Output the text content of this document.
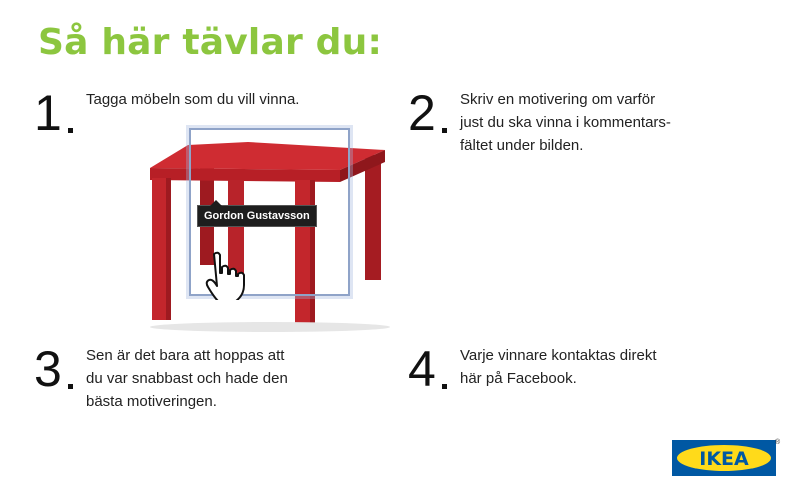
Så här tävlar du:
1 Tagga möbeln som du vill vinna. 2 Skriv en motivering om varför
just du ska vinna i kommentars-
fältet under bilden.

3 Sen är det bara att hoppas att
du var snabbast och hade den
bästa motiveringen.

4 Varje vinnare kontaktas direkt
här på Facebook.

Gordon Gustavsson
IKEA
®
